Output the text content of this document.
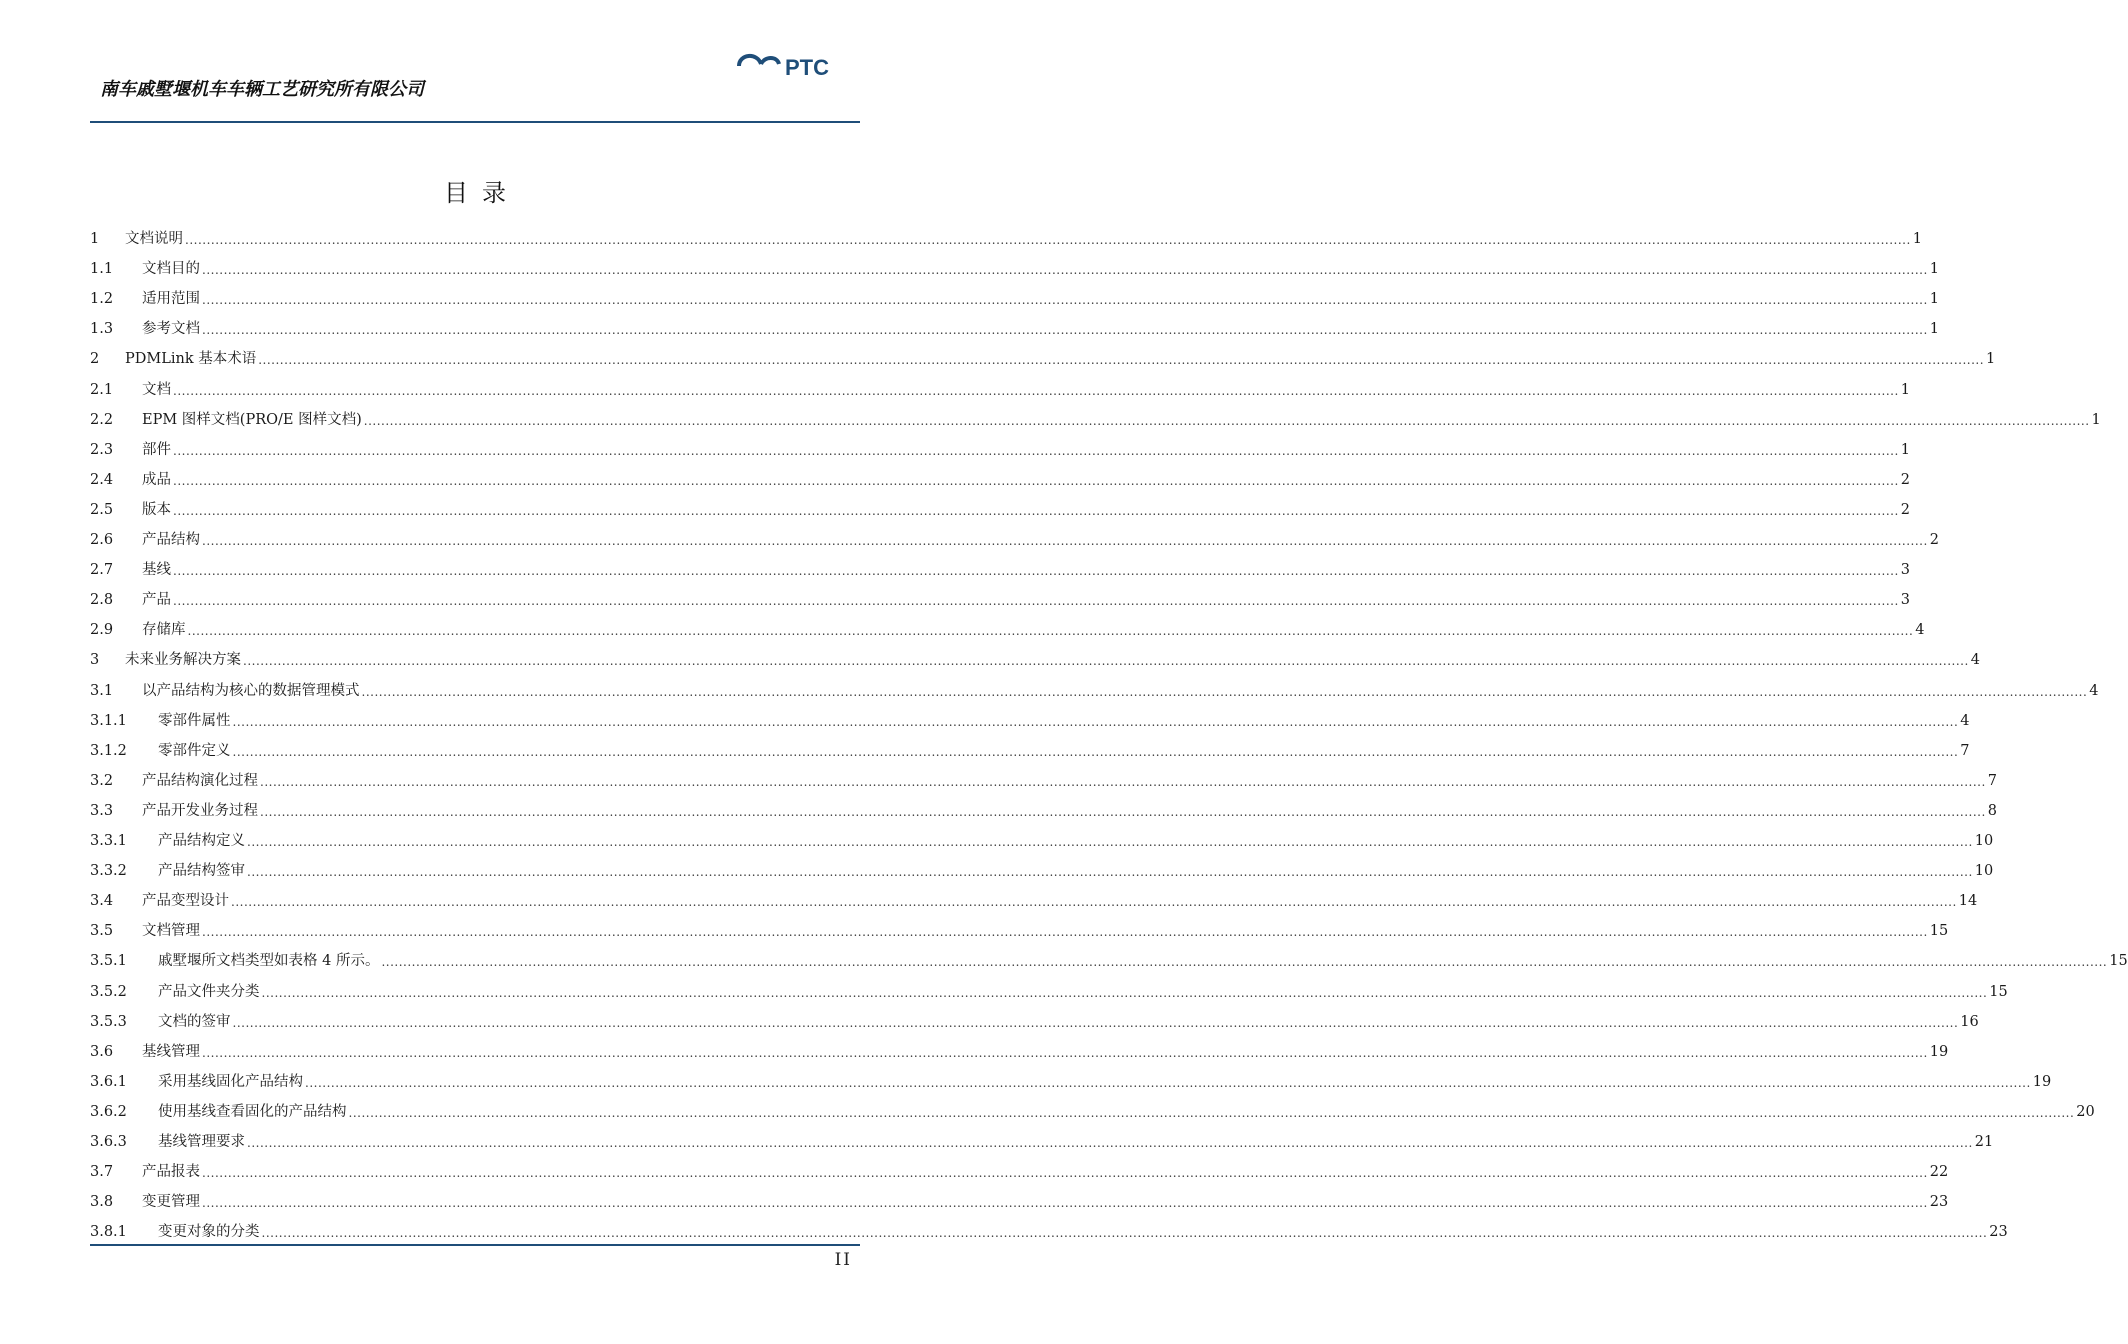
南车戚墅堰机车车辆工艺研究所有限公司
PTC
目录
1	文档说明 ................................................................................................................................................................................................................................................................................................................................................................................................................ 1
1.1	文档目的 ................................................................................................................................................................................................................................................................................................................................................................................................................ 1
1.2	适用范围 ................................................................................................................................................................................................................................................................................................................................................................................................................ 1
1.3	参考文档 ................................................................................................................................................................................................................................................................................................................................................................................................................ 1
2	PDMLink 基本术语 ................................................................................................................................................................................................................................................................................................................................................................................................................ 1
2.1	文档 ................................................................................................................................................................................................................................................................................................................................................................................................................ 1
2.2	EPM 图样文档(PRO/E 图样文档) ................................................................................................................................................................................................................................................................................................................................................................................................................ 1
2.3	部件 ................................................................................................................................................................................................................................................................................................................................................................................................................ 1
2.4	成品 ................................................................................................................................................................................................................................................................................................................................................................................................................ 2
2.5	版本 ................................................................................................................................................................................................................................................................................................................................................................................................................ 2
2.6	产品结构 ................................................................................................................................................................................................................................................................................................................................................................................................................ 2
2.7	基线 ................................................................................................................................................................................................................................................................................................................................................................................................................ 3
2.8	产品 ................................................................................................................................................................................................................................................................................................................................................................................................................ 3
2.9	存储库 ................................................................................................................................................................................................................................................................................................................................................................................................................ 4
3	未来业务解决方案 ................................................................................................................................................................................................................................................................................................................................................................................................................ 4
3.1	以产品结构为核心的数据管理模式 ................................................................................................................................................................................................................................................................................................................................................................................................................ 4
3.1.1	零部件属性 ................................................................................................................................................................................................................................................................................................................................................................................................................ 4
3.1.2	零部件定义 ................................................................................................................................................................................................................................................................................................................................................................................................................ 7
3.2	产品结构演化过程 ................................................................................................................................................................................................................................................................................................................................................................................................................ 7
3.3	产品开发业务过程 ................................................................................................................................................................................................................................................................................................................................................................................................................ 8
3.3.1	产品结构定义 ................................................................................................................................................................................................................................................................................................................................................................................................................ 10
3.3.2	产品结构签审 ................................................................................................................................................................................................................................................................................................................................................................................................................ 10
3.4	产品变型设计 ................................................................................................................................................................................................................................................................................................................................................................................................................ 14
3.5	文档管理 ................................................................................................................................................................................................................................................................................................................................................................................................................ 15
3.5.1	戚墅堰所文档类型如表格 4 所示。 ................................................................................................................................................................................................................................................................................................................................................................................................................ 15
3.5.2	产品文件夹分类 ................................................................................................................................................................................................................................................................................................................................................................................................................ 15
3.5.3	文档的签审 ................................................................................................................................................................................................................................................................................................................................................................................................................ 16
3.6	基线管理 ................................................................................................................................................................................................................................................................................................................................................................................................................ 19
3.6.1	采用基线固化产品结构 ................................................................................................................................................................................................................................................................................................................................................................................................................ 19
3.6.2	使用基线查看固化的产品结构 ................................................................................................................................................................................................................................................................................................................................................................................................................ 20
3.6.3	基线管理要求 ................................................................................................................................................................................................................................................................................................................................................................................................................ 21
3.7	产品报表 ................................................................................................................................................................................................................................................................................................................................................................................................................ 22
3.8	变更管理 ................................................................................................................................................................................................................................................................................................................................................................................................................ 23
3.8.1	变更对象的分类 ................................................................................................................................................................................................................................................................................................................................................................................................................ 23
II
